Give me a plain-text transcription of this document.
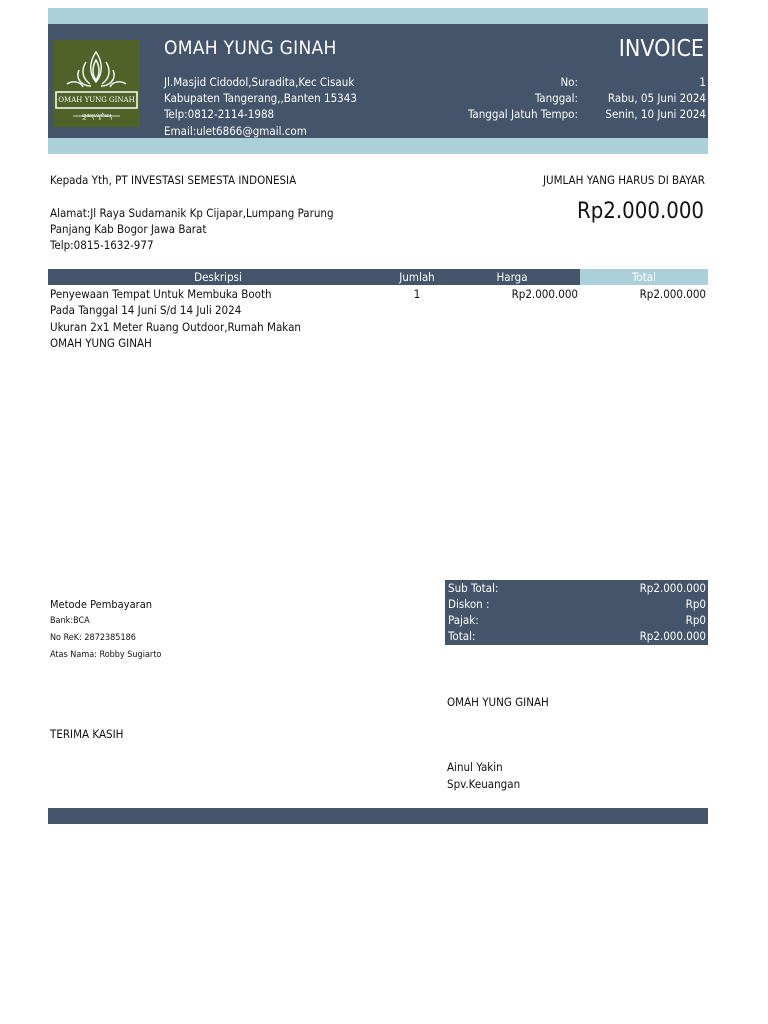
OMAH YUNG GINAH
ꦎꦩꦃꦪꦸꦁꦒꦶꦤꦃ
OMAH YUNG GINAH
Jl.Masjid Cidodol,Suradita,Kec Cisauk
Kabupaten Tangerang,,Banten 15343
Telp:0812-2114-1988
Email:ulet6866@gmail.com
INVOICE
No:	1
Tanggal:	Rabu, 05 Juni 2024
Tanggal Jatuh Tempo:	Senin, 10 Juni 2024
Kepada Yth, PT INVESTASI SEMESTA INDONESIA
Alamat:Jl Raya Sudamanik Kp Cijapar,Lumpang Parung
Panjang Kab Bogor Jawa Barat
Telp:0815-1632-977
JUMLAH YANG HARUS DI BAYAR
Rp2.000.000
Deskripsi	Jumlah	Harga	Total
Penyewaan Tempat Untuk Membuka Booth
Pada Tanggal 14 Juni S/d 14 Juli 2024
Ukuran 2x1 Meter Ruang Outdoor,Rumah Makan
OMAH YUNG GINAH
1	Rp2.000.000	Rp2.000.000
Metode Pembayaran
Bank:BCA
No ReK: 2872385186
Atas Nama: Robby Sugiarto
Sub Total:	Rp2.000.000
Diskon :	Rp0
Pajak:	Rp0
Total:	Rp2.000.000
OMAH YUNG GINAH
TERIMA KASIH
Ainul Yakin
Spv.Keuangan
